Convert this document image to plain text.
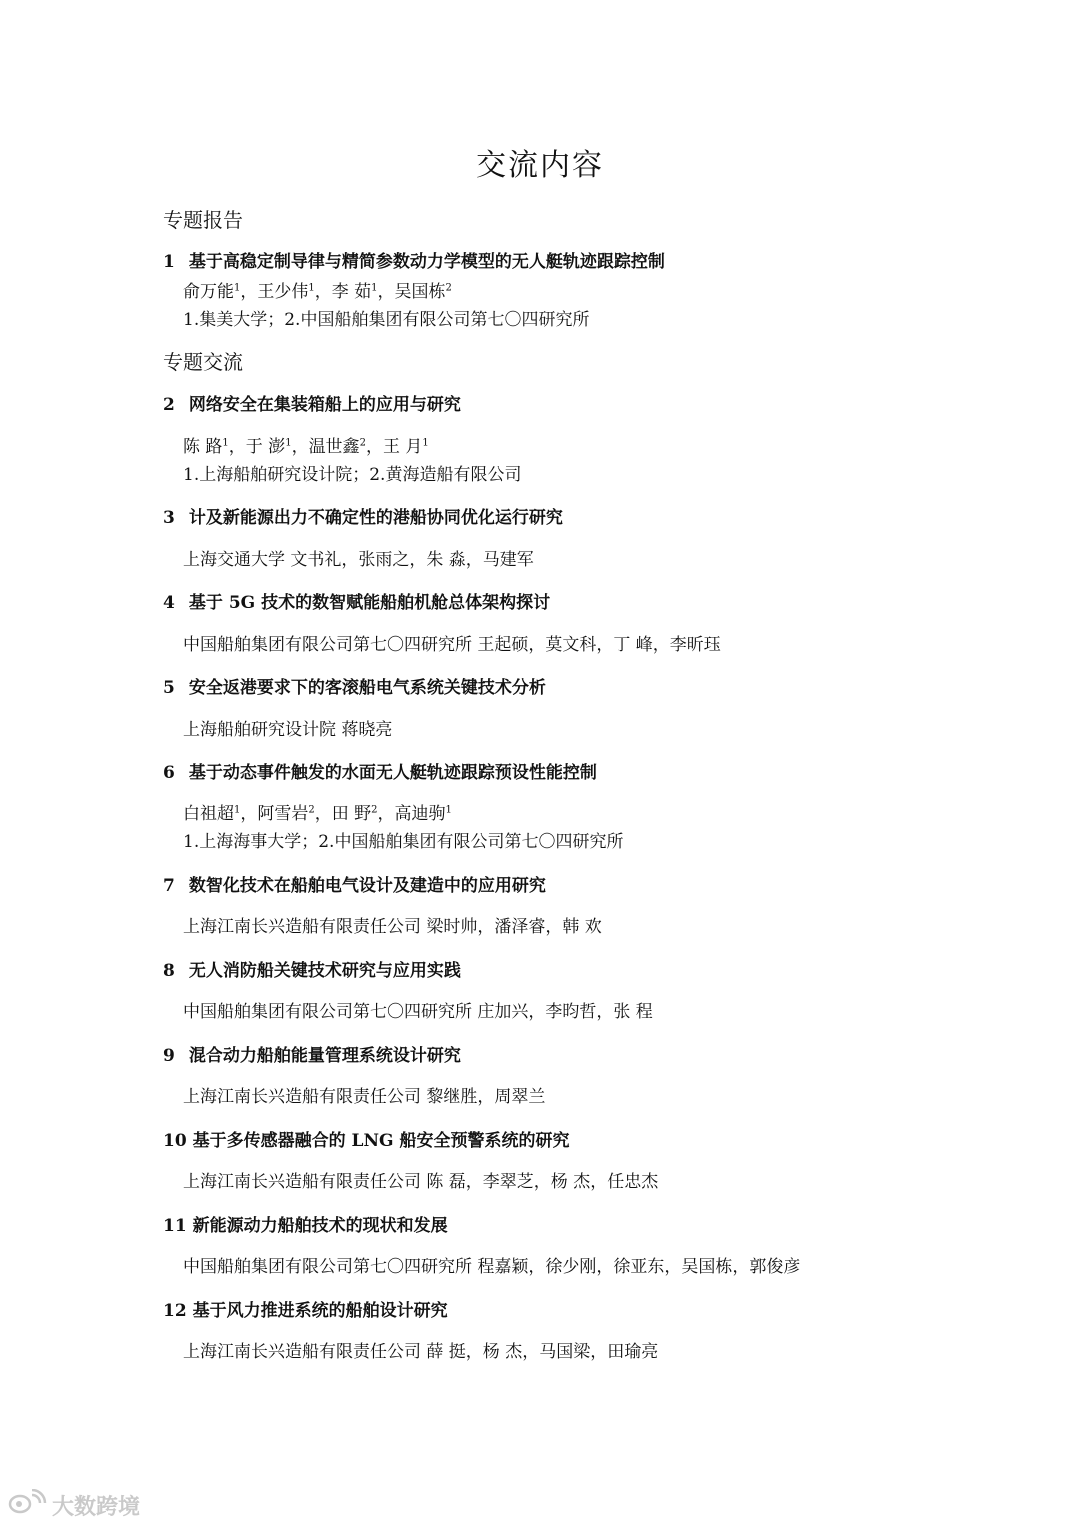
交流内容
专题报告
1 基于高稳定制导律与精简参数动力学模型的无人艇轨迹跟踪控制
俞万能$^1$，王少伟$^1$，李 茹$^1$，吴国栋$^2$
1.集美大学；2.中国船舶集团有限公司第七〇四研究所
专题交流
2 网络安全在集装箱船上的应用与研究
陈 路$^1$，于 澎$^1$，温世鑫$^2$，王 月$^1$
1.上海船舶研究设计院；2.黄海造船有限公司
3 计及新能源出力不确定性的港船协同优化运行研究
上海交通大学 文书礼，张雨之，朱 淼，马建军
4 基于 5G 技术的数智赋能船舶机舱总体架构探讨
中国船舶集团有限公司第七〇四研究所 王起硕，莫文科，丁 峰，李昕珏
5 安全返港要求下的客滚船电气系统关键技术分析
上海船舶研究设计院 蒋晓亮
6 基于动态事件触发的水面无人艇轨迹跟踪预设性能控制
白祖超$^1$，阿雪岩$^2$，田 野$^2$，高迪驹$^1$
1.上海海事大学；2.中国船舶集团有限公司第七〇四研究所
7 数智化技术在船舶电气设计及建造中的应用研究
上海江南长兴造船有限责任公司 梁时帅，潘泽睿，韩 欢
8 无人消防船关键技术研究与应用实践
中国船舶集团有限公司第七〇四研究所 庄加兴，李昀哲，张 程
9 混合动力船舶能量管理系统设计研究
上海江南长兴造船有限责任公司 黎继胜，周翠兰
10 基于多传感器融合的 LNG 船安全预警系统的研究
上海江南长兴造船有限责任公司 陈 磊，李翠芝，杨 杰，任忠杰
11 新能源动力船舶技术的现状和发展
中国船舶集团有限公司第七〇四研究所 程嘉颖，徐少刚，徐亚东，吴国栋，郭俊彦
12 基于风力推进系统的船舶设计研究
上海江南长兴造船有限责任公司 薛 挺，杨 杰，马国梁，田瑜亮
大数跨境
